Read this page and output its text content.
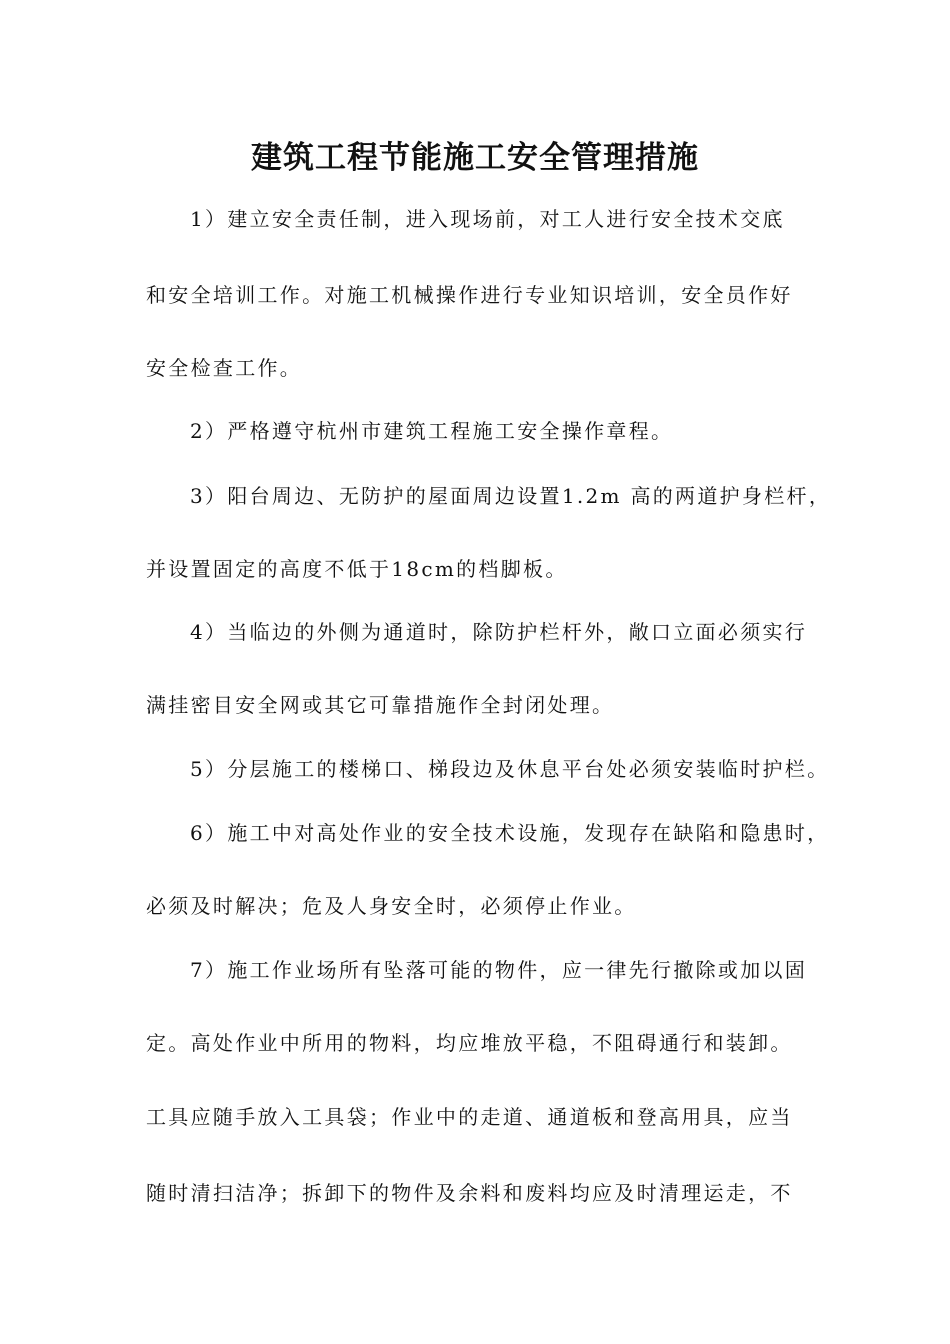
建筑工程节能施工安全管理措施
1）建立安全责任制，进入现场前，对工人进行安全技术交底
和安全培训工作。对施工机械操作进行专业知识培训，安全员作好
安全检查工作。
2）严格遵守杭州市建筑工程施工安全操作章程。
3）阳台周边、无防护的屋面周边设置1.2m 高的两道护身栏杆，
并设置固定的高度不低于18cm的档脚板。
4）当临边的外侧为通道时，除防护栏杆外，敞口立面必须实行
满挂密目安全网或其它可靠措施作全封闭处理。
5）分层施工的楼梯口、梯段边及休息平台处必须安装临时护栏。
6）施工中对高处作业的安全技术设施，发现存在缺陷和隐患时，
必须及时解决；危及人身安全时，必须停止作业。
7）施工作业场所有坠落可能的物件，应一律先行撤除或加以固
定。高处作业中所用的物料，均应堆放平稳，不阻碍通行和装卸。
工具应随手放入工具袋；作业中的走道、通道板和登高用具，应当
随时清扫洁净；拆卸下的物件及余料和废料均应及时清理运走，不
